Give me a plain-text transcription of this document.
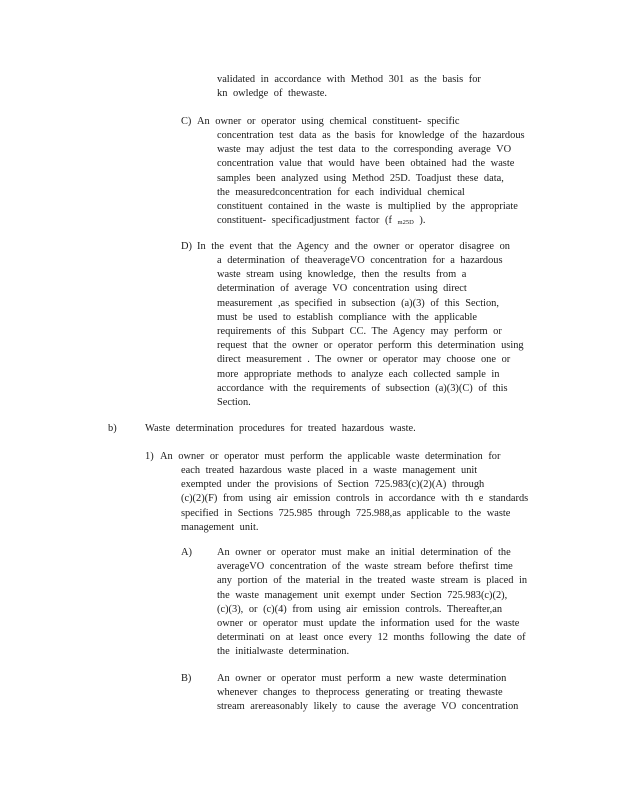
validated in accordance with Method 301 as the basis for
kn owledge of thewaste.
C) An owner or operator using chemical constituent- specific
concentration test data as the basis for knowledge of the hazardous
waste may adjust the test data to the corresponding average VO
concentration value that would have been obtained had the waste
samples been analyzed using Method 25D. Toadjust these data,
the measuredconcentration for each individual chemical
constituent contained in the waste is multiplied by the appropriate
constituent- specificadjustment factor (f $_{m25D}$ ).
D) In the event that the Agency and the owner or operator disagree on
a determination of theaverageVO concentration for a hazardous
waste stream using knowledge, then the results from a
determination of average VO concentration using direct
measurement ,as specified in subsection (a)(3) of this Section,
must be used to establish compliance with the applicable
requirements of this Subpart CC. The Agency may perform or
request that the owner or operator perform this determination using
direct measurement . The owner or operator may choose one or
more appropriate methods to analyze each collected sample in
accordance with the requirements of subsection (a)(3)(C) of this
Section.
b)	Waste determination procedures for treated hazardous waste.
1) An owner or operator must perform the applicable waste determination for
each treated hazardous waste placed in a waste management unit
exempted under the provisions of Section 725.983(c)(2)(A) through
(c)(2)(F) from using air emission controls in accordance with th e standards
specified in Sections 725.985 through 725.988,as applicable to the waste
management unit.
A) An owner or operator must make an initial determination of the
averageVO concentration of the waste stream before thefirst time
any portion of the material in the treated waste stream is placed in
the waste management unit exempt under Section 725.983(c)(2),
(c)(3), or (c)(4) from using air emission controls. Thereafter,an
owner or operator must update the information used for the waste
determinati on at least once every 12 months following the date of
the initialwaste determination.
B) An owner or operator must perform a new waste determination
whenever changes to theprocess generating or treating thewaste
stream arereasonably likely to cause the average VO concentration
